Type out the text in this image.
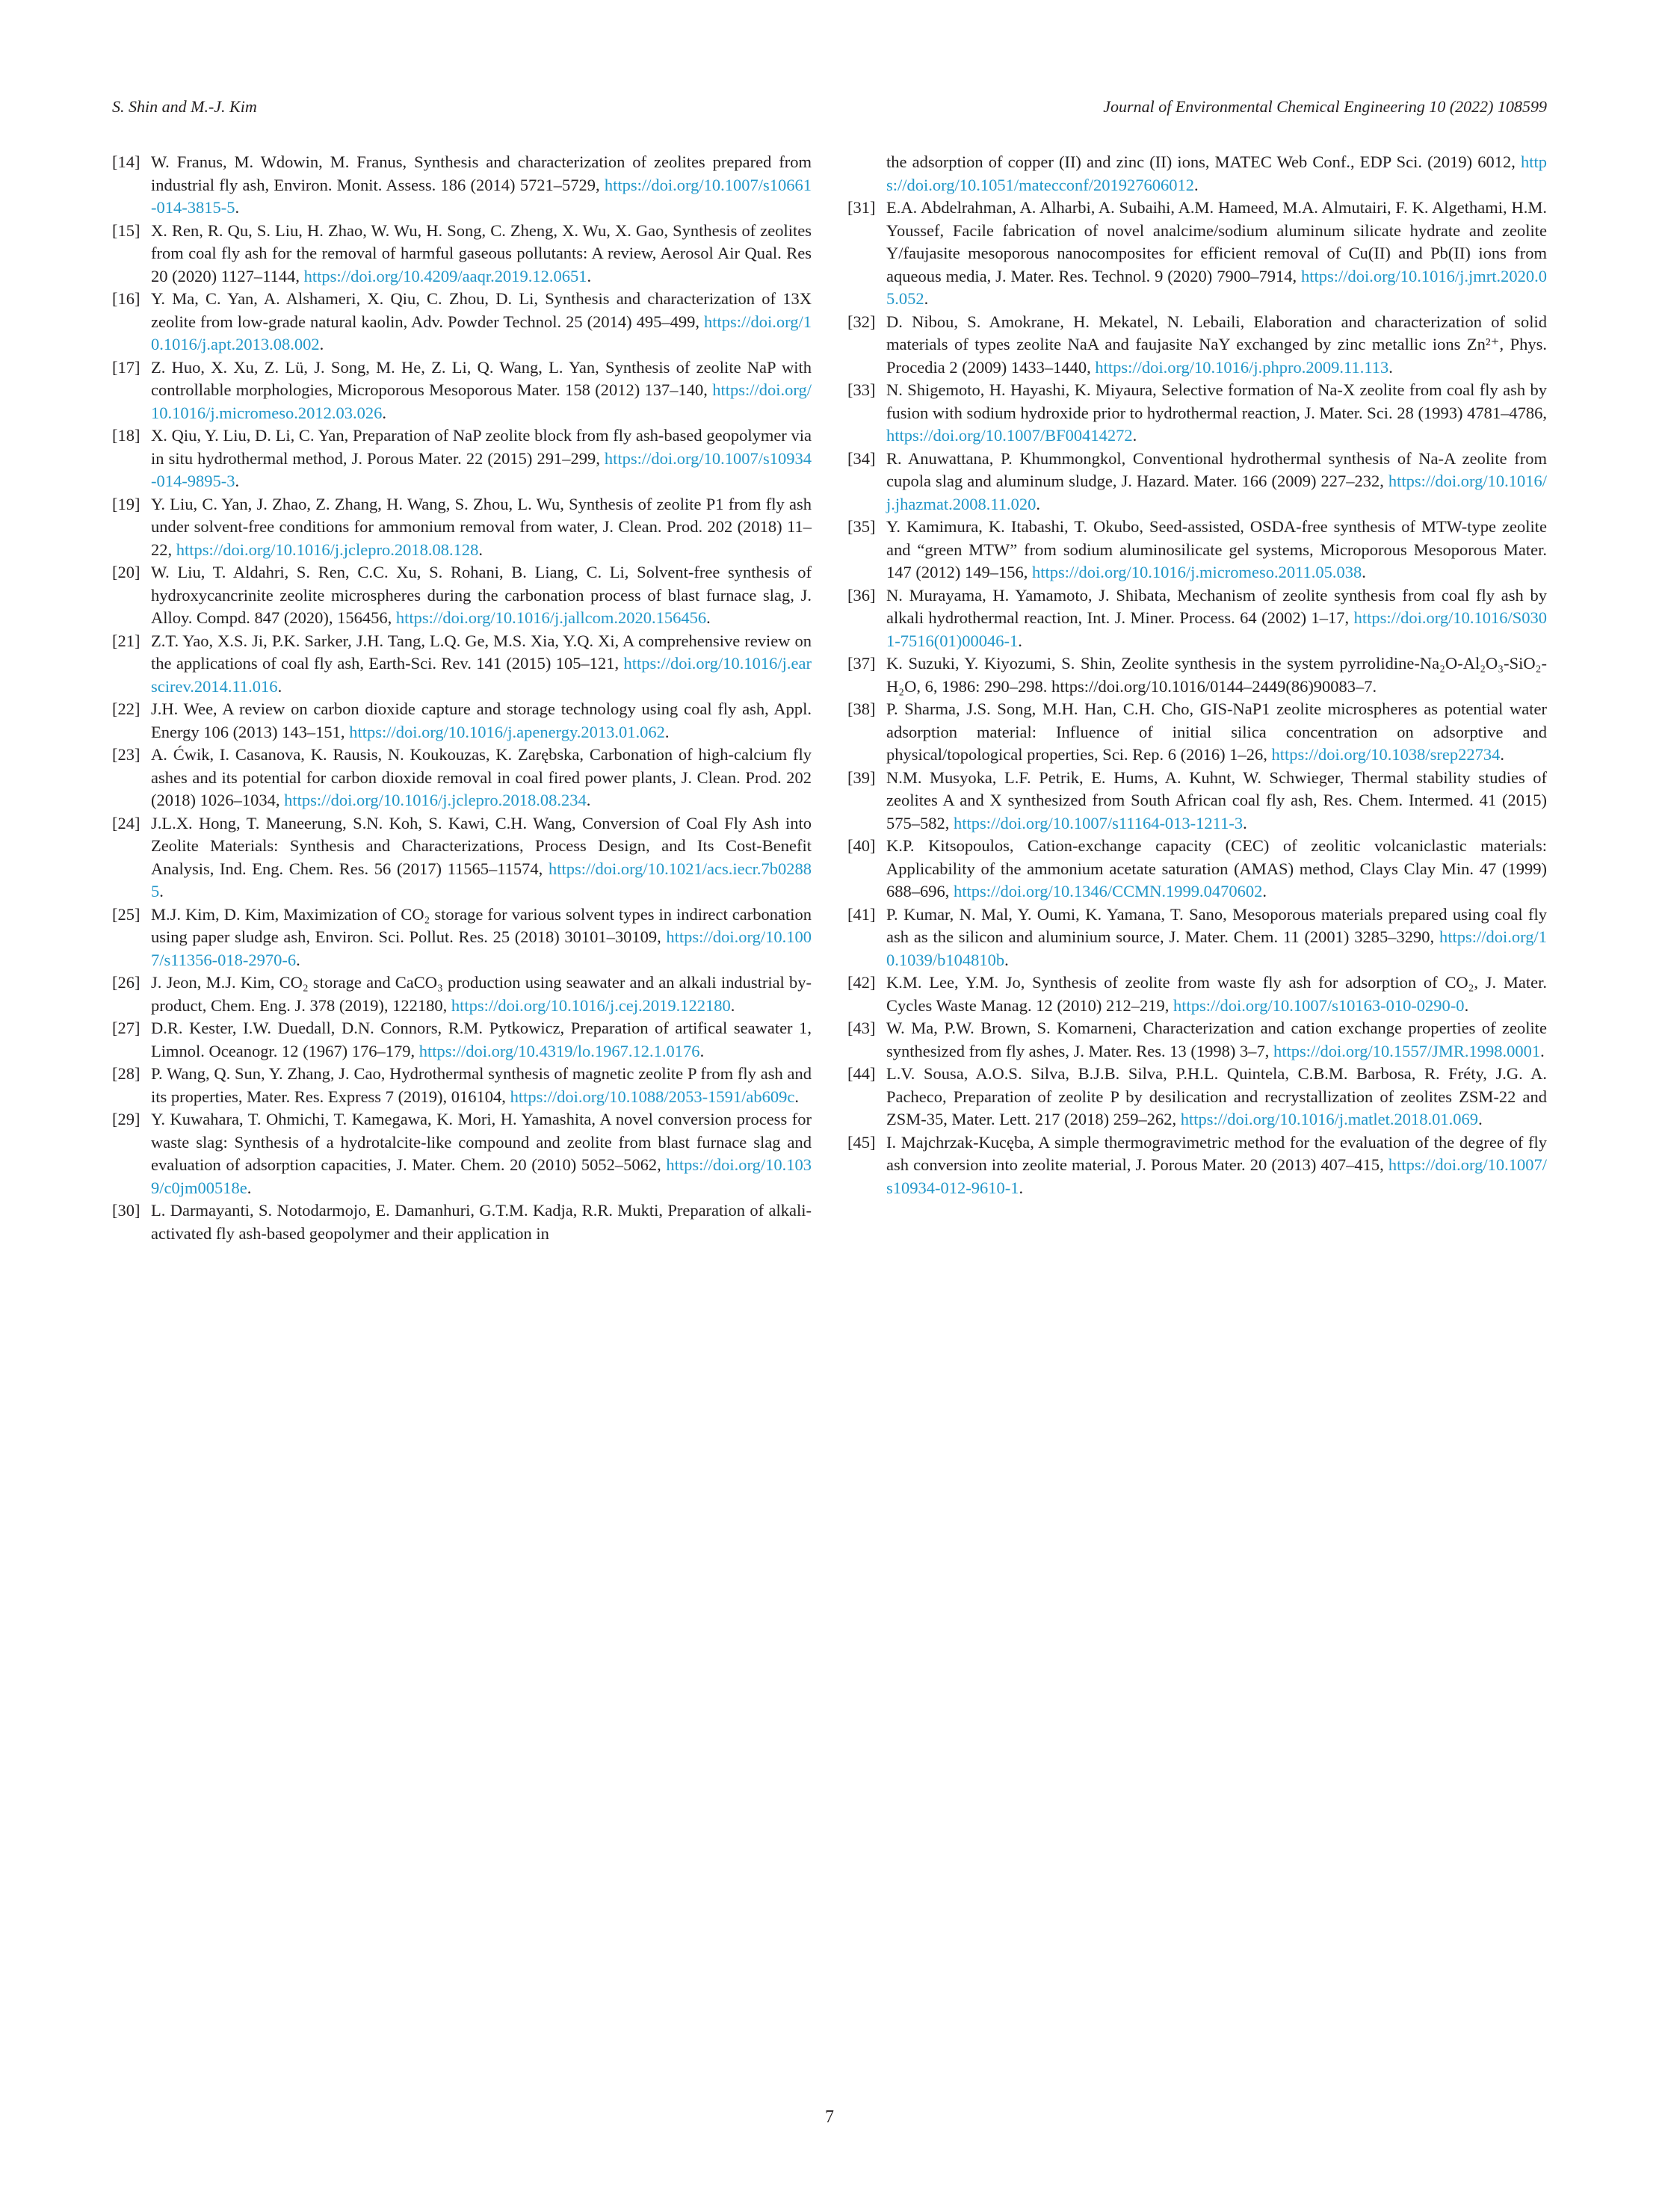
S. Shin and M.-J. Kim	Journal of Environmental Chemical Engineering 10 (2022) 108599
[14] W. Franus, M. Wdowin, M. Franus, Synthesis and characterization of zeolites prepared from industrial fly ash, Environ. Monit. Assess. 186 (2014) 5721–5729, https://doi.org/10.1007/s10661-014-3815-5.
[15] X. Ren, R. Qu, S. Liu, H. Zhao, W. Wu, H. Song, C. Zheng, X. Wu, X. Gao, Synthesis of zeolites from coal fly ash for the removal of harmful gaseous pollutants: A review, Aerosol Air Qual. Res 20 (2020) 1127–1144, https://doi.org/10.4209/aaqr.2019.12.0651.
[16] Y. Ma, C. Yan, A. Alshameri, X. Qiu, C. Zhou, D. Li, Synthesis and characterization of 13X zeolite from low-grade natural kaolin, Adv. Powder Technol. 25 (2014) 495–499, https://doi.org/10.1016/j.apt.2013.08.002.
[17] Z. Huo, X. Xu, Z. Lü, J. Song, M. He, Z. Li, Q. Wang, L. Yan, Synthesis of zeolite NaP with controllable morphologies, Microporous Mesoporous Mater. 158 (2012) 137–140, https://doi.org/10.1016/j.micromeso.2012.03.026.
[18] X. Qiu, Y. Liu, D. Li, C. Yan, Preparation of NaP zeolite block from fly ash-based geopolymer via in situ hydrothermal method, J. Porous Mater. 22 (2015) 291–299, https://doi.org/10.1007/s10934-014-9895-3.
[19] Y. Liu, C. Yan, J. Zhao, Z. Zhang, H. Wang, S. Zhou, L. Wu, Synthesis of zeolite P1 from fly ash under solvent-free conditions for ammonium removal from water, J. Clean. Prod. 202 (2018) 11–22, https://doi.org/10.1016/j.jclepro.2018.08.128.
[20] W. Liu, T. Aldahri, S. Ren, C.C. Xu, S. Rohani, B. Liang, C. Li, Solvent-free synthesis of hydroxycancrinite zeolite microspheres during the carbonation process of blast furnace slag, J. Alloy. Compd. 847 (2020), 156456, https://doi.org/10.1016/j.jallcom.2020.156456.
[21] Z.T. Yao, X.S. Ji, P.K. Sarker, J.H. Tang, L.Q. Ge, M.S. Xia, Y.Q. Xi, A comprehensive review on the applications of coal fly ash, Earth-Sci. Rev. 141 (2015) 105–121, https://doi.org/10.1016/j.earscirev.2014.11.016.
[22] J.H. Wee, A review on carbon dioxide capture and storage technology using coal fly ash, Appl. Energy 106 (2013) 143–151, https://doi.org/10.1016/j.apenergy.2013.01.062.
[23] A. Ćwik, I. Casanova, K. Rausis, N. Koukouzas, K. Zarębska, Carbonation of high-calcium fly ashes and its potential for carbon dioxide removal in coal fired power plants, J. Clean. Prod. 202 (2018) 1026–1034, https://doi.org/10.1016/j.jclepro.2018.08.234.
[24] J.L.X. Hong, T. Maneerung, S.N. Koh, S. Kawi, C.H. Wang, Conversion of Coal Fly Ash into Zeolite Materials: Synthesis and Characterizations, Process Design, and Its Cost-Benefit Analysis, Ind. Eng. Chem. Res. 56 (2017) 11565–11574, https://doi.org/10.1021/acs.iecr.7b02885.
[25] M.J. Kim, D. Kim, Maximization of CO₂ storage for various solvent types in indirect carbonation using paper sludge ash, Environ. Sci. Pollut. Res. 25 (2018) 30101–30109, https://doi.org/10.1007/s11356-018-2970-6.
[26] J. Jeon, M.J. Kim, CO₂ storage and CaCO₃ production using seawater and an alkali industrial by-product, Chem. Eng. J. 378 (2019), 122180, https://doi.org/10.1016/j.cej.2019.122180.
[27] D.R. Kester, I.W. Duedall, D.N. Connors, R.M. Pytkowicz, Preparation of artifical seawater 1, Limnol. Oceanogr. 12 (1967) 176–179, https://doi.org/10.4319/lo.1967.12.1.0176.
[28] P. Wang, Q. Sun, Y. Zhang, J. Cao, Hydrothermal synthesis of magnetic zeolite P from fly ash and its properties, Mater. Res. Express 7 (2019), 016104, https://doi.org/10.1088/2053-1591/ab609c.
[29] Y. Kuwahara, T. Ohmichi, T. Kamegawa, K. Mori, H. Yamashita, A novel conversion process for waste slag: Synthesis of a hydrotalcite-like compound and zeolite from blast furnace slag and evaluation of adsorption capacities, J. Mater. Chem. 20 (2010) 5052–5062, https://doi.org/10.1039/c0jm00518e.
[30] L. Darmayanti, S. Notodarmojo, E. Damanhuri, G.T.M. Kadja, R.R. Mukti, Preparation of alkali-activated fly ash-based geopolymer and their application in
the adsorption of copper (II) and zinc (II) ions, MATEC Web Conf., EDP Sci. (2019) 6012, https://doi.org/10.1051/matecconf/201927606012.
[31] E.A. Abdelrahman, A. Alharbi, A. Subaihi, A.M. Hameed, M.A. Almutairi, F. K. Algethami, H.M. Youssef, Facile fabrication of novel analcime/sodium aluminum silicate hydrate and zeolite Y/faujasite mesoporous nanocomposites for efficient removal of Cu(II) and Pb(II) ions from aqueous media, J. Mater. Res. Technol. 9 (2020) 7900–7914, https://doi.org/10.1016/j.jmrt.2020.05.052.
[32] D. Nibou, S. Amokrane, H. Mekatel, N. Lebaili, Elaboration and characterization of solid materials of types zeolite NaA and faujasite NaY exchanged by zinc metallic ions Zn²⁺, Phys. Procedia 2 (2009) 1433–1440, https://doi.org/10.1016/j.phpro.2009.11.113.
[33] N. Shigemoto, H. Hayashi, K. Miyaura, Selective formation of Na-X zeolite from coal fly ash by fusion with sodium hydroxide prior to hydrothermal reaction, J. Mater. Sci. 28 (1993) 4781–4786, https://doi.org/10.1007/BF00414272.
[34] R. Anuwattana, P. Khummongkol, Conventional hydrothermal synthesis of Na-A zeolite from cupola slag and aluminum sludge, J. Hazard. Mater. 166 (2009) 227–232, https://doi.org/10.1016/j.jhazmat.2008.11.020.
[35] Y. Kamimura, K. Itabashi, T. Okubo, Seed-assisted, OSDA-free synthesis of MTW-type zeolite and “green MTW” from sodium aluminosilicate gel systems, Microporous Mesoporous Mater. 147 (2012) 149–156, https://doi.org/10.1016/j.micromeso.2011.05.038.
[36] N. Murayama, H. Yamamoto, J. Shibata, Mechanism of zeolite synthesis from coal fly ash by alkali hydrothermal reaction, Int. J. Miner. Process. 64 (2002) 1–17, https://doi.org/10.1016/S0301-7516(01)00046-1.
[37] K. Suzuki, Y. Kiyozumi, S. Shin, Zeolite synthesis in the system pyrrolidine-Na₂O-Al₂O₃-SiO₂-H₂O, 6, 1986: 290–298. https://doi.org/10.1016/0144–2449(86)90083–7.
[38] P. Sharma, J.S. Song, M.H. Han, C.H. Cho, GIS-NaP1 zeolite microspheres as potential water adsorption material: Influence of initial silica concentration on adsorptive and physical/topological properties, Sci. Rep. 6 (2016) 1–26, https://doi.org/10.1038/srep22734.
[39] N.M. Musyoka, L.F. Petrik, E. Hums, A. Kuhnt, W. Schwieger, Thermal stability studies of zeolites A and X synthesized from South African coal fly ash, Res. Chem. Intermed. 41 (2015) 575–582, https://doi.org/10.1007/s11164-013-1211-3.
[40] K.P. Kitsopoulos, Cation-exchange capacity (CEC) of zeolitic volcaniclastic materials: Applicability of the ammonium acetate saturation (AMAS) method, Clays Clay Min. 47 (1999) 688–696, https://doi.org/10.1346/CCMN.1999.0470602.
[41] P. Kumar, N. Mal, Y. Oumi, K. Yamana, T. Sano, Mesoporous materials prepared using coal fly ash as the silicon and aluminium source, J. Mater. Chem. 11 (2001) 3285–3290, https://doi.org/10.1039/b104810b.
[42] K.M. Lee, Y.M. Jo, Synthesis of zeolite from waste fly ash for adsorption of CO₂, J. Mater. Cycles Waste Manag. 12 (2010) 212–219, https://doi.org/10.1007/s10163-010-0290-0.
[43] W. Ma, P.W. Brown, S. Komarneni, Characterization and cation exchange properties of zeolite synthesized from fly ashes, J. Mater. Res. 13 (1998) 3–7, https://doi.org/10.1557/JMR.1998.0001.
[44] L.V. Sousa, A.O.S. Silva, B.J.B. Silva, P.H.L. Quintela, C.B.M. Barbosa, R. Fréty, J.G. A. Pacheco, Preparation of zeolite P by desilication and recrystallization of zeolites ZSM-22 and ZSM-35, Mater. Lett. 217 (2018) 259–262, https://doi.org/10.1016/j.matlet.2018.01.069.
[45] I. Majchrzak-Kucęba, A simple thermogravimetric method for the evaluation of the degree of fly ash conversion into zeolite material, J. Porous Mater. 20 (2013) 407–415, https://doi.org/10.1007/s10934-012-9610-1.
7
